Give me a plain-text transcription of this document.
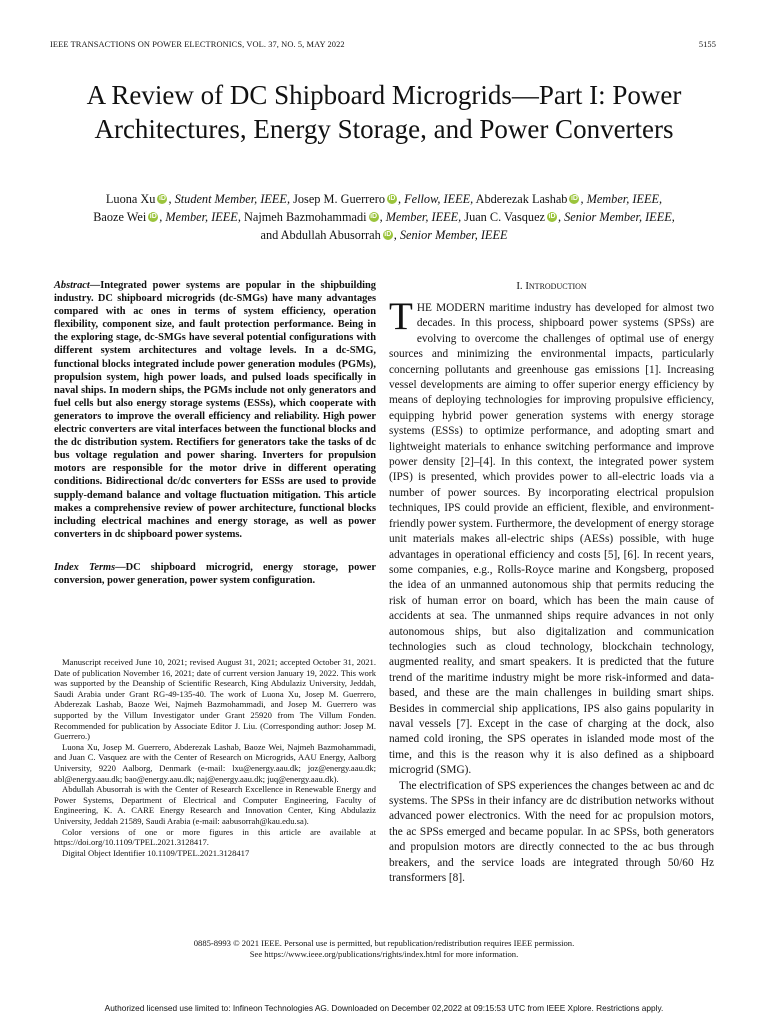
IEEE TRANSACTIONS ON POWER ELECTRONICS, VOL. 37, NO. 5, MAY 2022	5155
A Review of DC Shipboard Microgrids—Part I: Power Architectures, Energy Storage, and Power Converters
Luona Xu iD , Student Member, IEEE, Josep M. Guerrero iD , Fellow, IEEE, Abderezak Lashab iD , Member, IEEE,
Baoze Wei iD , Member, IEEE, Najmeh Bazmohammadi iD , Member, IEEE, Juan C. Vasquez iD , Senior Member, IEEE,
and Abdullah Abusorrah iD , Senior Member, IEEE
Abstract—Integrated power systems are popular in the shipbuilding industry. DC shipboard microgrids (dc-SMGs) have many advantages compared with ac ones in terms of system efficiency, operation flexibility, component size, and fault protection performance. Being in the exploring stage, dc-SMGs have several potential configurations with different system architectures and voltage levels. In a dc-SMG, functional blocks integrated include power generation modules (PGMs), propulsion system, high power loads, and pulsed loads specifically in naval ships. In modern ships, the PGMs include not only generators and fuel cells but also energy storage systems (ESSs), which cooperate with generators to improve the overall efficiency and reliability. High power electric converters are vital interfaces between the functional blocks and the dc distribution system. Rectifiers for generators take the tasks of dc bus voltage regulation and power sharing. Inverters for propulsion motors are responsible for the motor drive in different operating conditions. Bidirectional dc/dc converters for ESSs are used to provide supply-demand balance and voltage fluctuation mitigation. This article makes a comprehensive review of power architecture, functional blocks including electrical machines and energy storage, as well as power converters in dc shipboard power systems.
Index Terms—DC shipboard microgrid, energy storage, power conversion, power generation, power system configuration.

Manuscript received June 10, 2021; revised August 31, 2021; accepted October 31, 2021. Date of publication November 16, 2021; date of current version January 19, 2022. This work was supported by the Deanship of Scientific Research, King Abdulaziz University, Jeddah, Saudi Arabia under Grant RG-49-135-40. The work of Luona Xu, Josep M. Guerrero, Abderezak Lashab, Baoze Wei, Najmeh Bazmohammadi, and Josep M. Guerrero was supported by the Villum Investigator under Grant 25920 from The Villum Fonden. Recommended for publication by Associate Editor J. Liu. (Corresponding author: Josep M. Guerrero.)

Luona Xu, Josep M. Guerrero, Abderezak Lashab, Baoze Wei, Najmeh Bazmohammadi, and Juan C. Vasquez are with the Center of Research on Microgrids, AAU Energy, Aalborg University, 9220 Aalborg, Denmark (e-mail: lxu@energy.aau.dk; joz@energy.aau.dk; abl@energy.aau.dk; bao@energy.aau.dk; naj@energy.aau.dk; juq@energy.aau.dk).

Abdullah Abusorrah is with the Center of Research Excellence in Renewable Energy and Power Systems, Department of Electrical and Computer Engineering, Faculty of Engineering, K. A. CARE Energy Research and Innovation Center, King Abdulaziz University, Jeddah 21589, Saudi Arabia (e-mail: aabusorrah@kau.edu.sa).

Color versions of one or more figures in this article are available at https://doi.org/10.1109/TPEL.2021.3128417.

Digital Object Identifier 10.1109/TPEL.2021.3128417

I. Introduction

THE MODERN maritime industry has developed for almost two decades. In this process, shipboard power systems (SPSs) are evolving to overcome the challenges of optimal use of energy sources and minimizing the environmental impacts, particularly concerning pollutants and greenhouse gas emissions [1]. Increasing vessel developments are aiming to offer superior energy efficiency by means of deploying technologies for improving propulsive efficiency, equipping hybrid power generation systems with energy storage systems (ESSs) to optimize performance, and adopting smart and lightweight materials to enhance switching performance and improve power density [2]–[4]. In this context, the integrated power system (IPS) is presented, which provides power to all-electric loads via a number of power sources. By incorporating electrical propulsion techniques, IPS could provide an efficient, flexible, and environment-friendly power system. Furthermore, the development of energy storage unit materials makes all-electric ships (AESs) possible, with huge advantages in operational efficiency and costs [5], [6]. In recent years, some companies, e.g., Rolls-Royce marine and Kongsberg, proposed the idea of an unmanned autonomous ship that permits reducing the risk of human error on board, which has been the main cause of accidents at sea. The unmanned ships require advances in not only autonomous ships, but also digitalization and communication technologies such as cloud technology, blockchain technology, augmented reality, and smart speakers. It is predicted that the future trend of the maritime industry might be more risk-informed and data-based, and these are the main challenges in building smart ships. Besides in commercial ship applications, IPS also gains popularity in naval vessels [7]. Except in the case of charging at the dock, also named cold ironing, the SPS operates in islanded mode most of the time, and this is the reason why it is also defined as a shipboard microgrid (SMG).

The electrification of SPS experiences the changes between ac and dc systems. The SPSs in their infancy are dc distribution networks without advanced power electronics. With the need for ac propulsion motors, the ac SPSs emerged and became popular. In ac SPSs, both generators and propulsion motors are directly connected to the ac bus through breakers, and the service loads are integrated through 50/60 Hz transformers [8].

0885-8993 © 2021 IEEE. Personal use is permitted, but republication/redistribution requires IEEE permission.
See https://www.ieee.org/publications/rights/index.html for more information.
Authorized licensed use limited to: Infineon Technologies AG. Downloaded on December 02,2022 at 09:15:53 UTC from IEEE Xplore. Restrictions apply.
